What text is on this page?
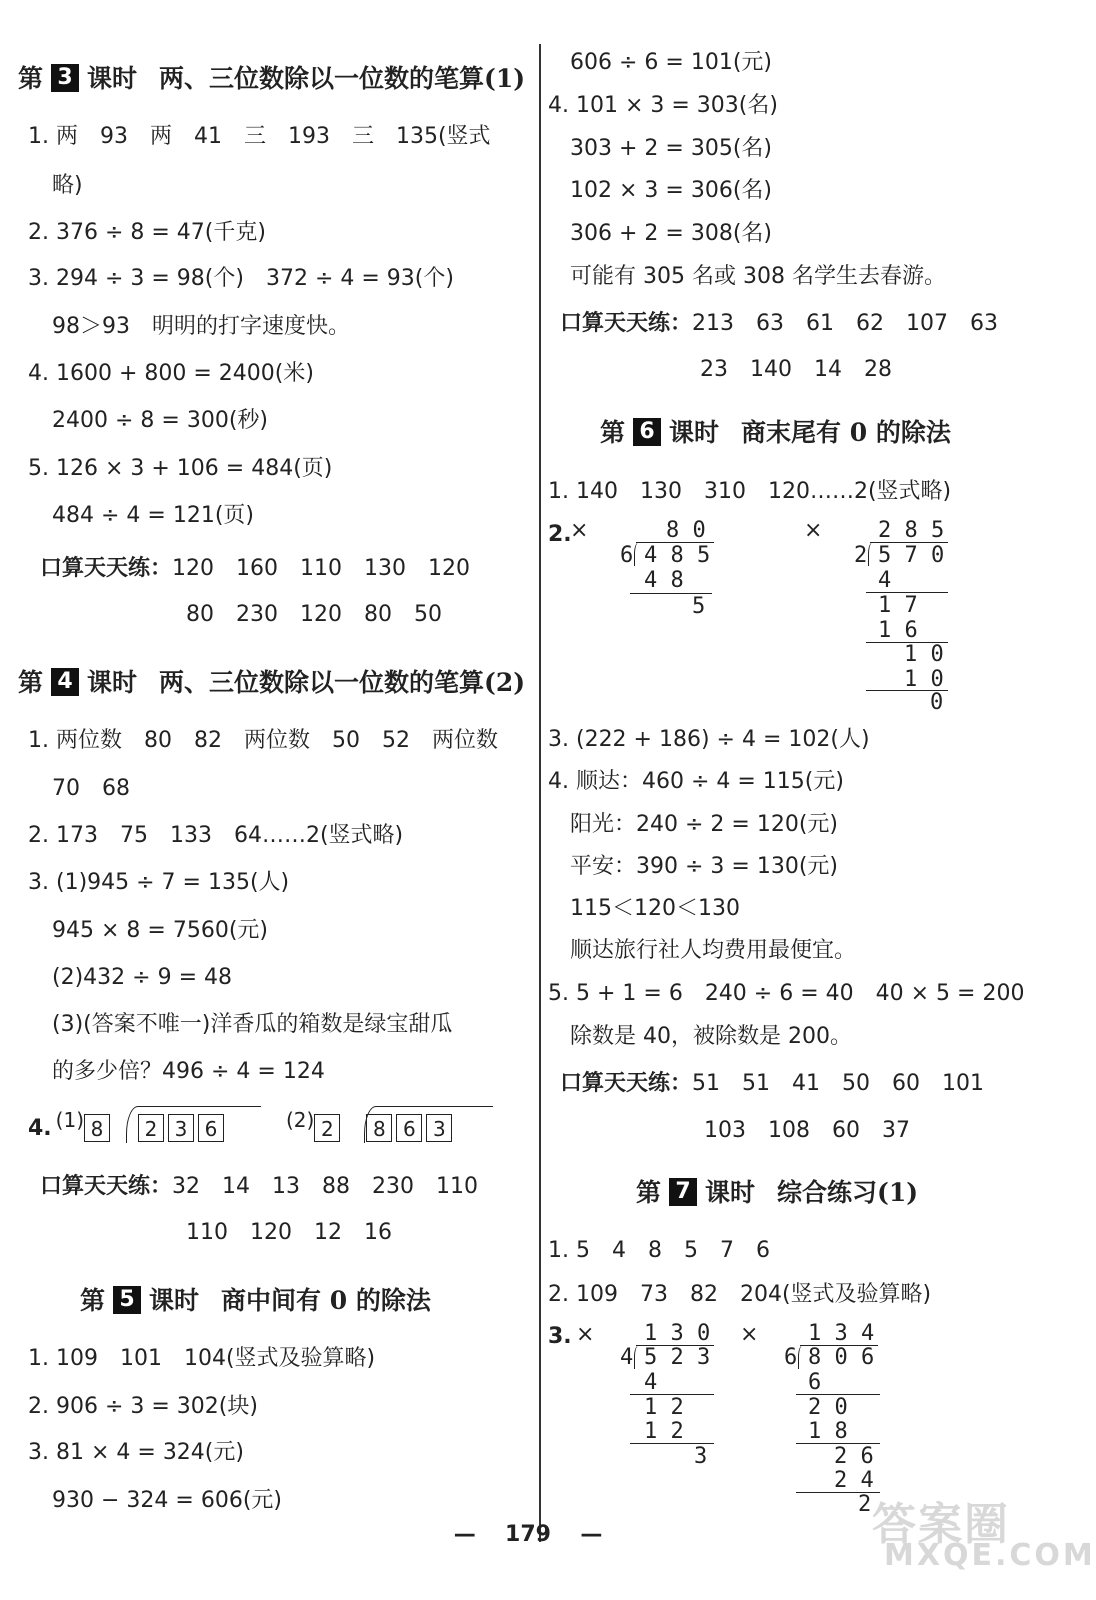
第 3 课时 两、三位数除以一位数的笔算(1)
1. 两　93　两　41　三　193　三　135(竖式
略)
2. 376 ÷ 8 = 47(千克)
3. 294 ÷ 3 = 98(个)　372 ÷ 4 = 93(个)
98＞93　明明的打字速度快。
4. 1600 + 800 = 2400(米)
2400 ÷ 8 = 300(秒)
5. 126 × 3 + 106 = 484(页)
484 ÷ 4 = 121(页)
口算天天练：120　160　110　130　120
80　230　120　80　50
第 4 课时 两、三位数除以一位数的笔算(2)
1. 两位数　80　82　两位数　50　52　两位数
70　68
2. 173　75　133　64……2(竖式略)
3. (1)945 ÷ 7 = 135(人)
945 × 8 = 7560(元)
(2)432 ÷ 9 = 48
(3)(答案不唯一)洋香瓜的箱数是绿宝甜瓜
的多少倍？496 ÷ 4 = 124
4. (1) 8	2 3 6	(2) 2	8 6 3
口算天天练：32　14　13　88　230　110
110　120　12　16
第 5 课时 商中间有 0 的除法
1. 109　101　104(竖式及验算略)
2. 906 ÷ 3 = 302(块)
3. 81 × 4 = 324(元)
930 − 324 = 606(元)
606 ÷ 6 = 101(元)
4. 101 × 3 = 303(名)
303 + 2 = 305(名)
102 × 3 = 306(名)
306 + 2 = 308(名)
可能有 305 名或 308 名学生去春游。
口算天天练：213　63　61　62　107　63
23　140　14　28
第 6 课时 商末尾有 0 的除法
1. 140　130　310　120……2(竖式略)
2.
×	8 0
6 4 8 5
4 8
5
×	2 8 5
2 5 7 0
4
1 7
1 6
1 0
1 0
0
3. (222 + 186) ÷ 4 = 102(人)
4. 顺达：460 ÷ 4 = 115(元)
阳光：240 ÷ 2 = 120(元)
平安：390 ÷ 3 = 130(元)
115＜120＜130
顺达旅行社人均费用最便宜。
5. 5 + 1 = 6　240 ÷ 6 = 40　40 × 5 = 200
除数是 40，被除数是 200。
口算天天练：51　51　41　50　60　101
103　108　60　37
第 7 课时 综合练习(1)
1. 5　4　8　5　7　6
2. 109　73　82　204(竖式及验算略)
3. × 1 3 0
4 5 2 3
4
1 2
1 2
3
× 1 3 4
6 8 0 6
6
2 0
1 8
2 6
2 4
2
— 179 —	答案圈
MXQE.COM
